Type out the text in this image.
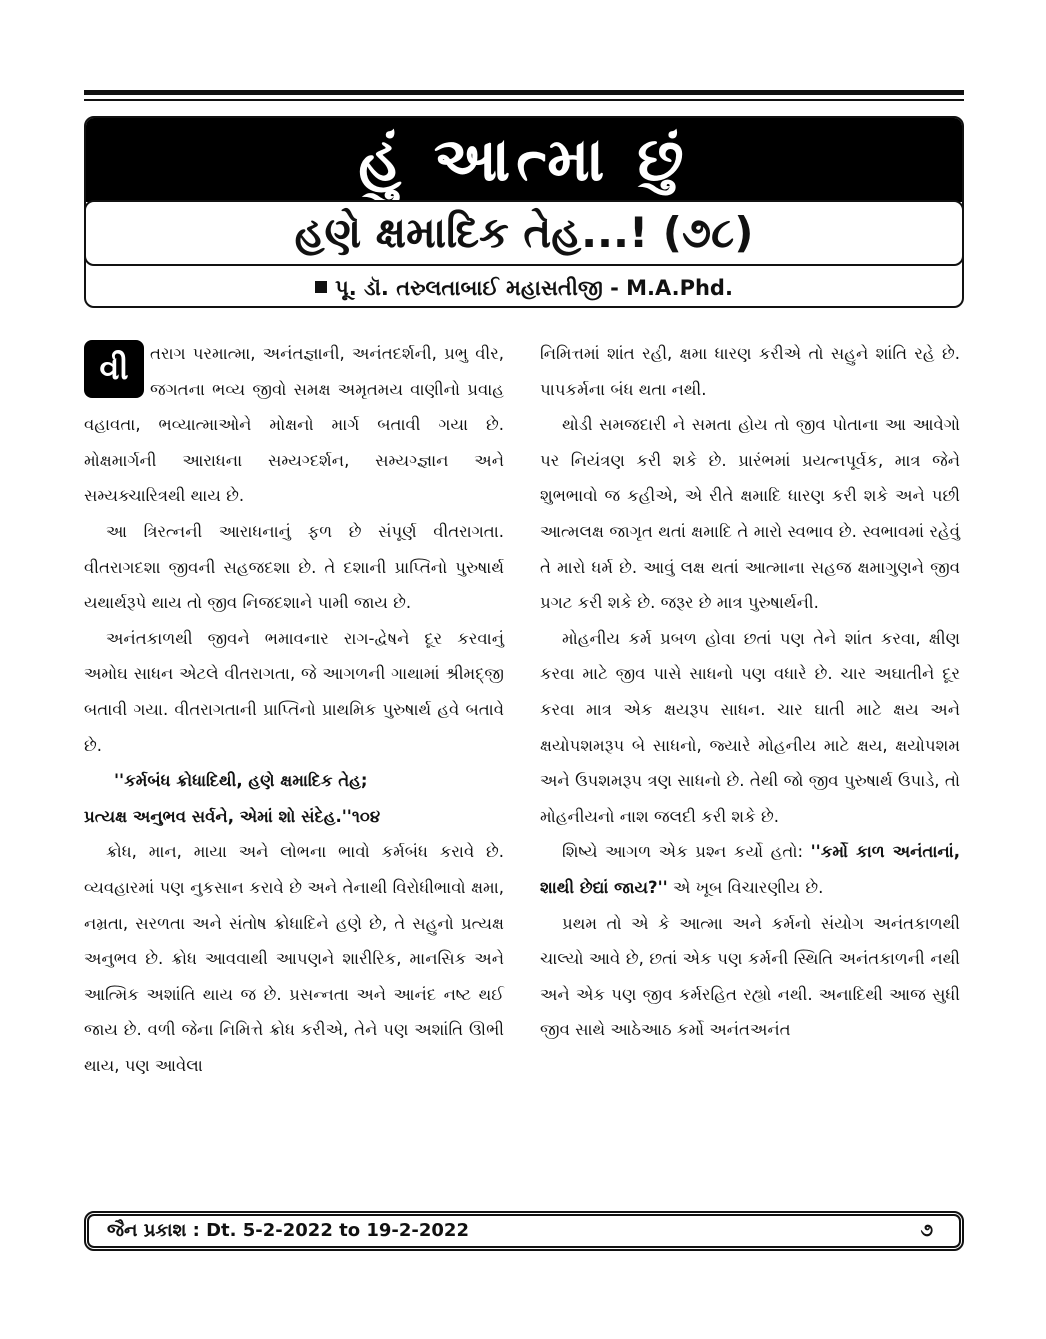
હું આત્મા છું
હણે ક્ષમાદિક તેહ...! (૭૮)
પૂ. ડૉ. તરુલતાબાઈ મહાસતીજી - M.A.Phd.

વી	તરાગ પરમાત્મા, અનંતજ્ઞાની, અનંતદર્શની, પ્રભુ વીર, જગતના ભવ્ય જીવો સમક્ષ અમૃતમય વાણીનો પ્રવાહ વહાવતા, ભવ્યાત્માઓને મોક્ષનો માર્ગ બતાવી ગયા છે. મોક્ષમાર્ગની આરાધના સમ્યગ્દર્શન, સમ્યગ્જ્ઞાન અને સમ્યક્ચારિત્રથી થાય છે.

આ ત્રિરત્નની આરાધનાનું ફળ છે સંપૂર્ણ વીતરાગતા. વીતરાગદશા જીવની સહજદશા છે. તે દશાની પ્રાપ્તિનો પુરુષાર્થ યથાર્થરૂપે થાય તો જીવ નિજદશાને પામી જાય છે.

અનંતકાળથી જીવને ભમાવનાર રાગ-દ્વેષને દૂર કરવાનું અમોઘ સાધન એટલે વીતરાગતા, જે આગળની ગાથામાં શ્રીમદ્જી બતાવી ગયા. વીતરાગતાની પ્રાપ્તિનો પ્રાથમિક પુરુષાર્થ હવે બતાવે છે.

''કર્મબંધ ક્રોધાદિથી, હણે ક્ષમાદિક તેહ;

પ્રત્યક્ષ અનુભવ સર્વને, એમાં શો સંદેહ.''૧૦૪

ક્રોધ, માન, માયા અને લોભના ભાવો કર્મબંધ કરાવે છે. વ્યવહારમાં પણ નુકસાન કરાવે છે અને તેનાથી વિરોધીભાવો ક્ષમા, નમ્રતા, સરળતા અને સંતોષ ક્રોધાદિને હણે છે, તે સહુનો પ્રત્યક્ષ અનુભવ છે. ક્રોધ આવવાથી આપણને શારીરિક, માનસિક અને આત્મિક અશાંતિ થાય જ છે. પ્રસન્નતા અને આનંદ નષ્ટ થઈ જાય છે. વળી જેના નિમિત્તે ક્રોધ કરીએ, તેને પણ અશાંતિ ઊભી થાય, પણ આવેલા

નિમિત્તમાં શાંત રહી, ક્ષમા ધારણ કરીએ તો સહુને શાંતિ રહે છે. પાપકર્મના બંધ થતા નથી.

થોડી સમજદારી ને સમતા હોય તો જીવ પોતાના આ આવેગો પર નિયંત્રણ કરી શકે છે. પ્રારંભમાં પ્રયત્નપૂર્વક, માત્ર જેને શુભભાવો જ કહીએ, એ રીતે ક્ષમાદિ ધારણ કરી શકે અને પછી આત્મલક્ષ જાગૃત થતાં ક્ષમાદિ તે મારો સ્વભાવ છે. સ્વભાવમાં રહેવું તે મારો ધર્મ છે. આવું લક્ષ થતાં આત્માના સહજ ક્ષમાગુણને જીવ પ્રગટ કરી શકે છે. જરૂર છે માત્ર પુરુષાર્થની.

મોહનીય કર્મ પ્રબળ હોવા છતાં પણ તેને શાંત કરવા, ક્ષીણ કરવા માટે જીવ પાસે સાધનો પણ વધારે છે. ચાર અઘાતીને દૂર કરવા માત્ર એક ક્ષયરૂપ સાધન. ચાર ઘાતી માટે ક્ષય અને ક્ષયોપશમરૂપ બે સાધનો, જ્યારે મોહનીય માટે ક્ષય, ક્ષયોપશમ અને ઉપશમરૂપ ત્રણ સાધનો છે. તેથી જો જીવ પુરુષાર્થ ઉપાડે, તો મોહનીયનો નાશ જલદી કરી શકે છે.

શિષ્યે આગળ એક પ્રશ્ન કર્યો હતો: ''કર્મો કાળ અનંતાનાં, શાથી છેદ્યાં જાય?'' એ ખૂબ વિચારણીય છે.

પ્રથમ તો એ કે આત્મા અને કર્મનો સંયોગ અનંતકાળથી ચાલ્યો આવે છે, છતાં એક પણ કર્મની સ્થિતિ અનંતકાળની નથી અને એક પણ જીવ કર્મરહિત રહ્યો નથી. અનાદિથી આજ સુધી જીવ સાથે આઠેઆઠ કર્મો અનંતઅનંત

જૈન પ્રકાશ : Dt. 5-2-2022 to 19-2-2022	૭
